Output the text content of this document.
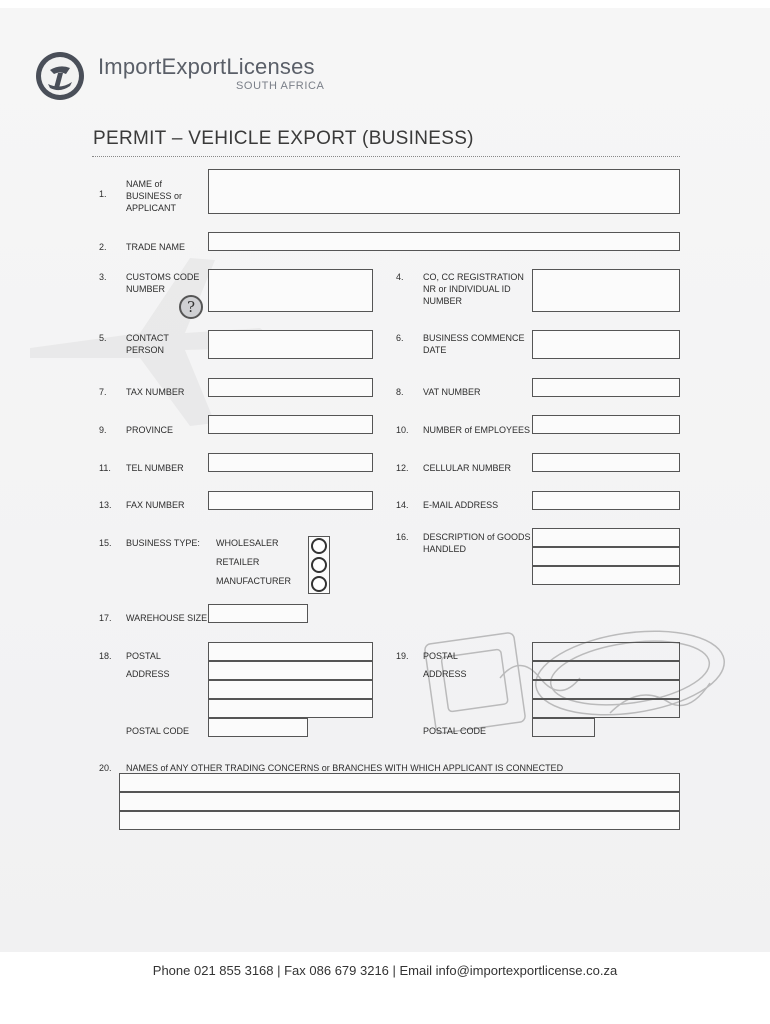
ImportExportLicenses
SOUTH AFRICA
PERMIT – VEHICLE EXPORT (BUSINESS)
1.
NAME of
BUSINESS or
APPLICANT
2. TRADE NAME
3. CUSTOMS CODE
NUMBER
?
4. CO, CC REGISTRATION
NR or INDIVIDUAL ID
NUMBER
5. CONTACT
PERSON
6. BUSINESS COMMENCE
DATE
7. TAX NUMBER	8. VAT NUMBER
9. PROVINCE	10. NUMBER of EMPLOYEES
11. TEL NUMBER	12. CELLULAR NUMBER
13. FAX NUMBER	14. E-MAIL ADDRESS
15. BUSINESS TYPE: WHOLESALER
RETAILER
MANUFACTURER
16. DESCRIPTION of GOODS
HANDLED
17. WAREHOUSE SIZE
18. POSTAL
ADDRESS
POSTAL CODE
19. POSTAL
ADDRESS
POSTAL CODE
20. NAMES of ANY OTHER TRADING CONCERNS or BRANCHES WITH WHICH APPLICANT IS CONNECTED
Phone 021 855 3168 | Fax 086 679 3216 | Email info@importexportlicense.co.za
